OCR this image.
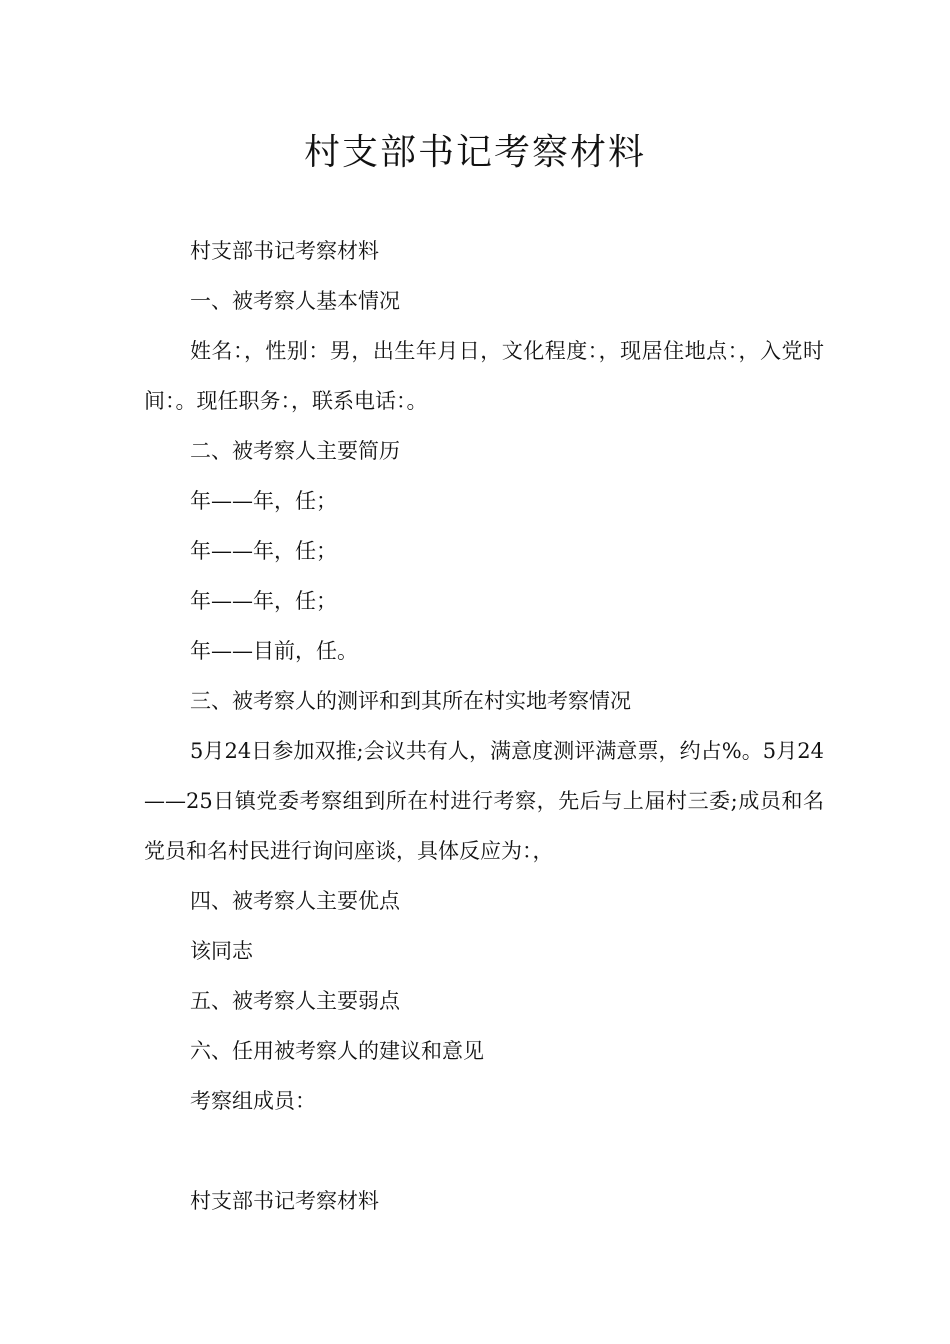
村支部书记考察材料

村支部书记考察材料

一、被考察人基本情况

姓名：，性别：男，出生年月日，文化程度：，现居住地点：，入党时间：。现任职务：，联系电话：。

二、被考察人主要简历

年——年，任；

年——年，任；

年——年，任；

年——目前，任。

三、被考察人的测评和到其所在村实地考察情况

5月24日参加双推;会议共有人，满意度测评满意票，约占%。5月24——25日镇党委考察组到所在村进行考察，先后与上届村三委;成员和名党员和名村民进行询问座谈，具体反应为：，

四、被考察人主要优点

该同志

五、被考察人主要弱点

六、任用被考察人的建议和意见

考察组成员：

村支部书记考察材料
